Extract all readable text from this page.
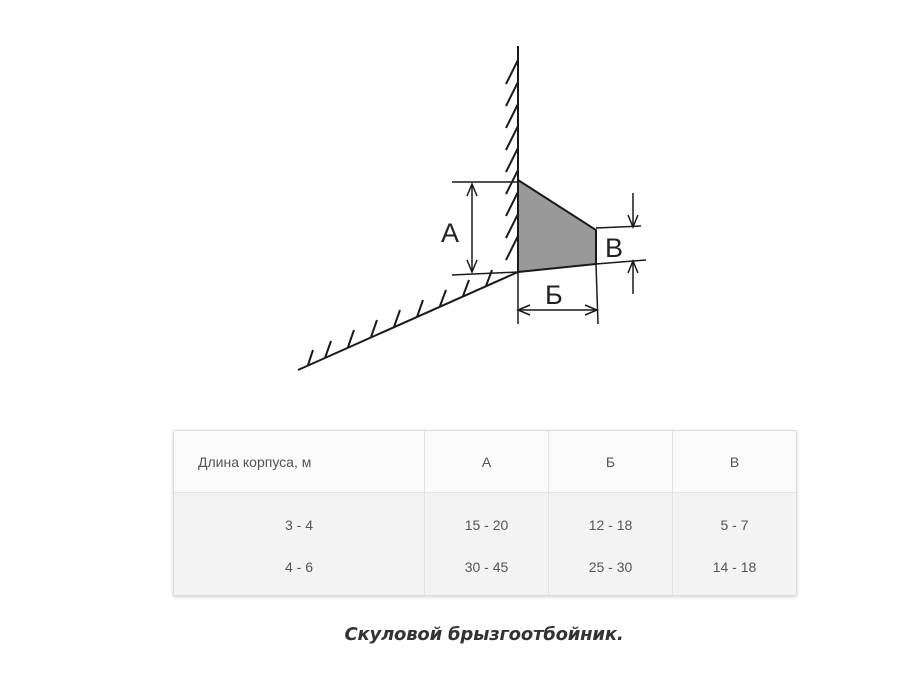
А
Б
В
Длина корпуса, м	А	Б	В
3 - 4	15 - 20	12 - 18	5 - 7
4 - 6	30 - 45	25 - 30	14 - 18
Скуловой брызгоотбойник.
